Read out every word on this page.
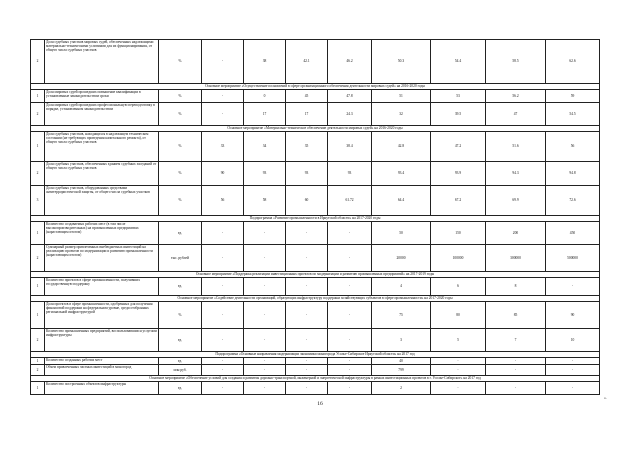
2	Доля судебных участков мировых судей, обеспеченных надлежащими материально-техническими условиями для их функционирования, от общего числа судебных участков	%	-	38	42.1	46.2	50.3	54.4	58.5	62.6
Основное мероприятие «Осуществление полномочий в сфере организационного обеспечения деятельности мировых судей» на 2016-2020 годы										
1	Доля мировых судей прошедших повышение квалификации в установленные законодательством сроки	%	-	0	45	47.8	51	53	56.2	59
2	Доля мировых судей прошедших профессиональную переподготовку в порядке, установленном законодательством	%	-	17	17	24.3	32	39.5	47	54.5
Основное мероприятие «Материально-техническое обеспечение деятельности мировых судей» на 2016-2020 годы										
1	Доля судебных участков, находящихся в надлежащем техническом состоянии (не требующих проведения капитального ремонта), от общего числа судебных участков	%	33	34	35	38.4	42.8	47.2	51.6	56
2	Доля судебных участков, обеспеченных зданием судебных заседаний от общего числа судебных участков	%	90	93	93	93	93.4	93.9	94.3	94.8
3	Доля судебных участков, оборудованных средствами антитеррористической защиты, от общего числа судебных участков	%	56	58	60	61.72	64.4	67.2	69.9	72.6
Подпрограмма «Развитие промышленности в Иркутской области» на 2017-2020 годы										
1	Количество создаваемых рабочих мест (в том числе высокопроизводительных) на промышленных предприятиях (нарастающим итогом)	ед.	-	-	-	-	50	150	200	450
2	Суммарный размер привлеченных внебюджетных инвестиций на реализацию проектов по модернизации и развитию промышленности (нарастающим итогом)	тыс. рублей	-	-	-	-	20000	100000	300000	500000
Основное мероприятие «Поддержка реализации инвестиционных проектов по модернизации и развитию промышленных предприятий» на 2017-2019 годы										
1	Количество проектов в сфере промышленности, получивших государственную поддержку	ед.	-	-	-	-	4	6	8	-
Основное мероприятие «Содействие деятельности организаций, образующих инфраструктуру поддержки хозяйствующих субъектов в сфере промышленности» на 2017-2020 годы										
1	Доля проектов в сфере промышленности, одобренных для получения финансовой поддержки на федеральном уровне, среди отобранных региональной инфраструктурой	%	-	-	-	-	75	80	85	90
2	Количество промышленных предприятий, воспользовавшихся услугами инфраструктуры	ед.	-	-	-	-	3	5	7	10
Подпрограмма «Основные направления модернизации экономики моногорода Усолье-Сибирское Иркутской области» на 2017 год										
1	Количество созданных рабочих мест	ед.	-	-	-	-	40	-	-	-
2	Объем привлеченных частных инвестиций в моногород	млн руб.	-	-	-	-	799	-	-	-
Основное мероприятие «Обеспечение условий для создания и развития дорожно-транспортной, инженерной и энергетической инфраструктуры в рамках инвестиционных проектов в г. Усолье-Сибирское» на 2017 год										
1	Количество построенных объектов инфраструктуры	ед.	-	-	-	-	2	-	-	-
16
».
